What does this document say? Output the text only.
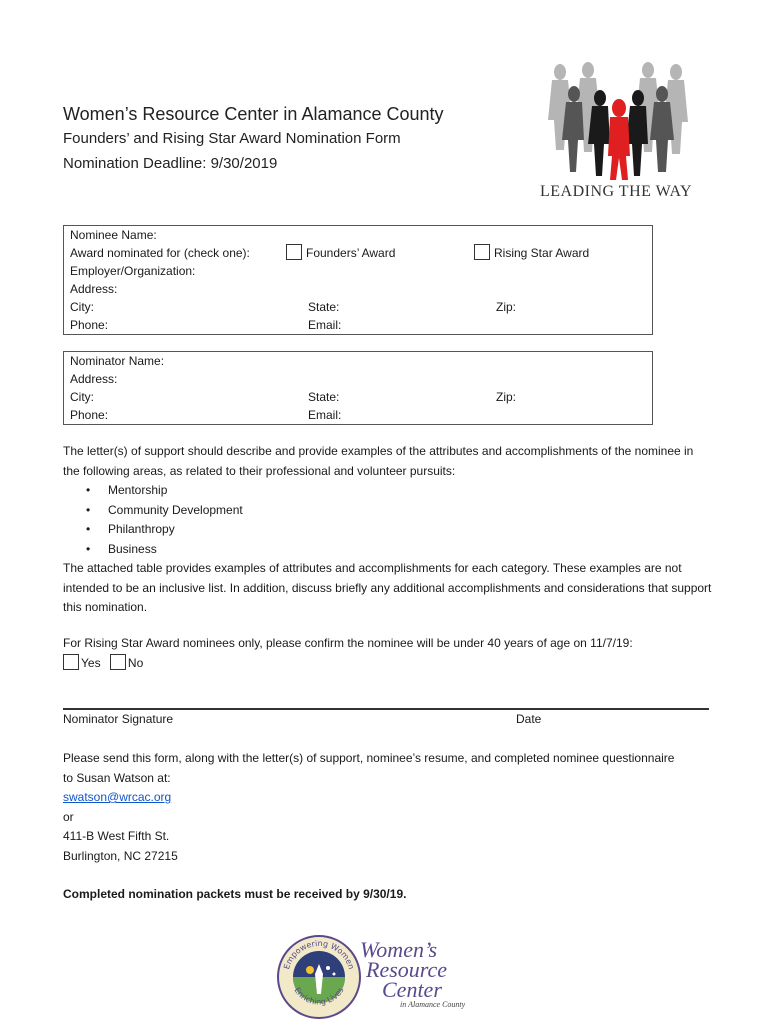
LEADING THE WAY
Women’s Resource Center in Alamance County
Founders’ and Rising Star Award Nomination Form
Nomination Deadline: 9/30/2019
Nominee Name:
Award nominated for (check one):	Founders’ Award	Rising Star Award
Employer/Organization:
Address:
City:	State:	Zip:
Phone:	Email:
Nominator Name:
Address:
City:	State:	Zip:
Phone:	Email:
The letter(s) of support should describe and provide examples of the attributes and accomplishments of the nominee in the following areas, as related to their professional and volunteer pursuits:
• Mentorship
• Community Development
• Philanthropy
• Business
The attached table provides examples of attributes and accomplishments for each category. These examples are not intended to be an inclusive list. In addition, discuss briefly any additional accomplishments and considerations that support this nomination.
For Rising Star Award nominees only, please confirm the nominee will be under 40 years of age on 11/7/19:
Yes No
Nominator Signature	Date
Please send this form, along with the letter(s) of support, nominee’s resume, and completed nominee questionnaire to Susan Watson at:
swatson@wrcac.org
or
411-B West Fifth St.
Burlington, NC 27215
Completed nomination packets must be received by 9/30/19.
Empowering Women
Enriching Lives
Women’s
Resource
Center
in Alamance County
